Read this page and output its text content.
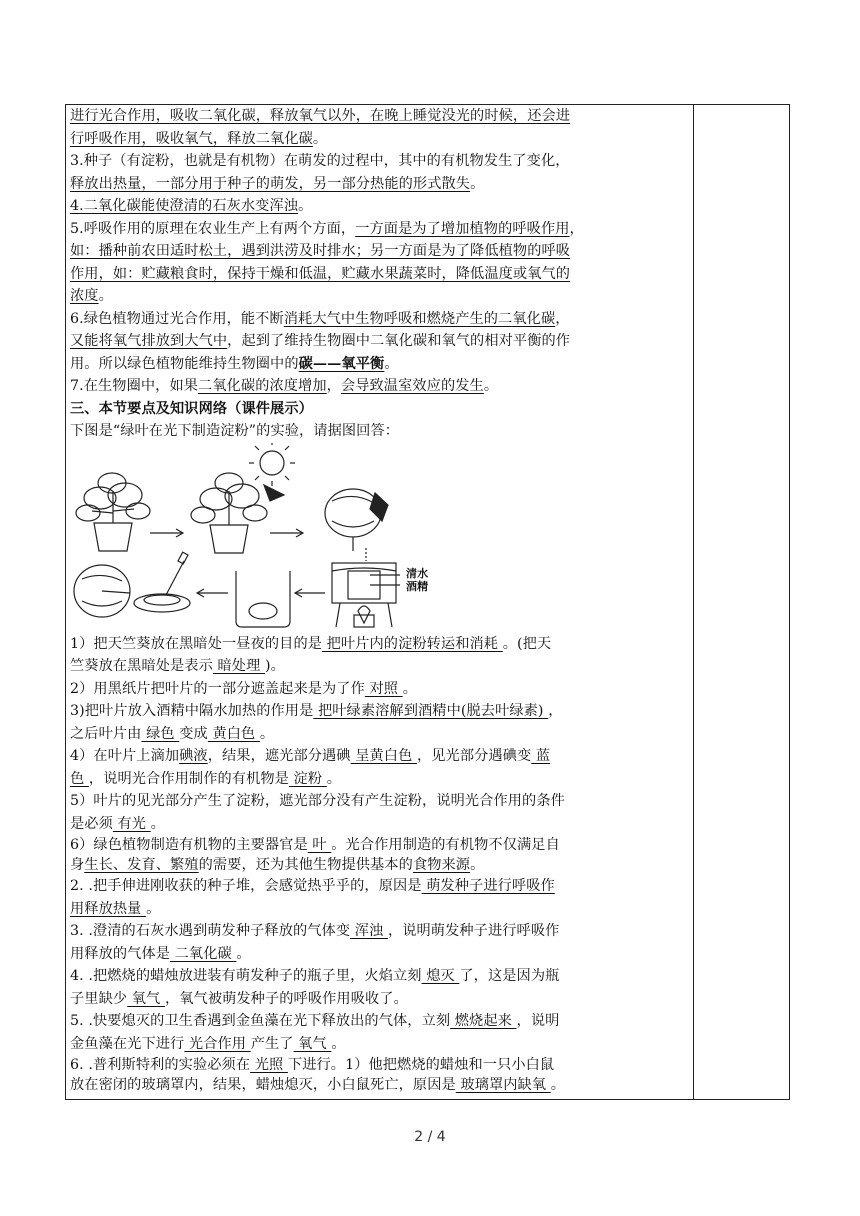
进行光合作用，吸收二氧化碳，释放氧气以外，在晚上睡觉没光的时候，还会进

行呼吸作用，吸收氧气，释放二氧化碳。

3.种子（有淀粉，也就是有机物）在萌发的过程中，其中的有机物发生了变化，
释放出热量，一部分用于种子的萌发，另一部分热能的形式散失。

4.二氧化碳能使澄清的石灰水变浑浊。

5.呼吸作用的原理在农业生产上有两个方面，一方面是为了增加植物的呼吸作用，
如：播种前农田适时松土，遇到洪涝及时排水；另一方面是为了降低植物的呼吸
作用，如：贮藏粮食时，保持干燥和低温，贮藏水果蔬菜时，降低温度或氧气的
浓度。

6.绿色植物通过光合作用，能不断消耗大气中生物呼吸和燃烧产生的二氧化碳，
又能将氧气排放到大气中，起到了维持生物圈中二氧化碳和氧气的相对平衡的作
用。所以绿色植物能维持生物圈中的碳——氧平衡。

7.在生物圈中，如果二氧化碳的浓度增加，会导致温室效应的发生。

三、本节要点及知识网络（课件展示）

下图是“绿叶在光下制造淀粉”的实验，请据图回答：

清水
酒精

1）把天竺葵放在黑暗处一昼夜的目的是 把叶片内的淀粉转运和消耗 。(把天
竺葵放在黑暗处是表示 暗处理 )。

2）用黑纸片把叶片的一部分遮盖起来是为了作 对照 。

3)把叶片放入酒精中隔水加热的作用是 把叶绿素溶解到酒精中(脱去叶绿素) ，
之后叶片由 绿色 变成 黄白色 。

4）在叶片上滴加碘液，结果，遮光部分遇碘 呈黄白色 ，见光部分遇碘变 蓝
色 ，说明光合作用制作的有机物是 淀粉 。

5）叶片的见光部分产生了淀粉，遮光部分没有产生淀粉，说明光合作用的条件
是必须 有光 。

6）绿色植物制造有机物的主要器官是 叶 。光合作用制造的有机物不仅满足自
身生长、发育、繁殖的需要，还为其他生物提供基本的食物来源。

2. .把手伸进刚收获的种子堆，会感觉热乎乎的，原因是 萌发种子进行呼吸作
用释放热量 。

3. .澄清的石灰水遇到萌发种子释放的气体变 浑浊 ，说明萌发种子进行呼吸作
用释放的气体是 二氧化碳 。

4. .把燃烧的蜡烛放进装有萌发种子的瓶子里，火焰立刻 熄灭 了，这是因为瓶
子里缺少 氧气 ，氧气被萌发种子的呼吸作用吸收了。

5. .快要熄灭的卫生香遇到金鱼藻在光下释放出的气体，立刻 燃烧起来 ，说明
金鱼藻在光下进行 光合作用 产生了 氧气 。

6. .普利斯特利的实验必须在 光照 下进行。1）他把燃烧的蜡烛和一只小白鼠
放在密闭的玻璃罩内，结果，蜡烛熄灭，小白鼠死亡，原因是 玻璃罩内缺氧 。

2 / 4
